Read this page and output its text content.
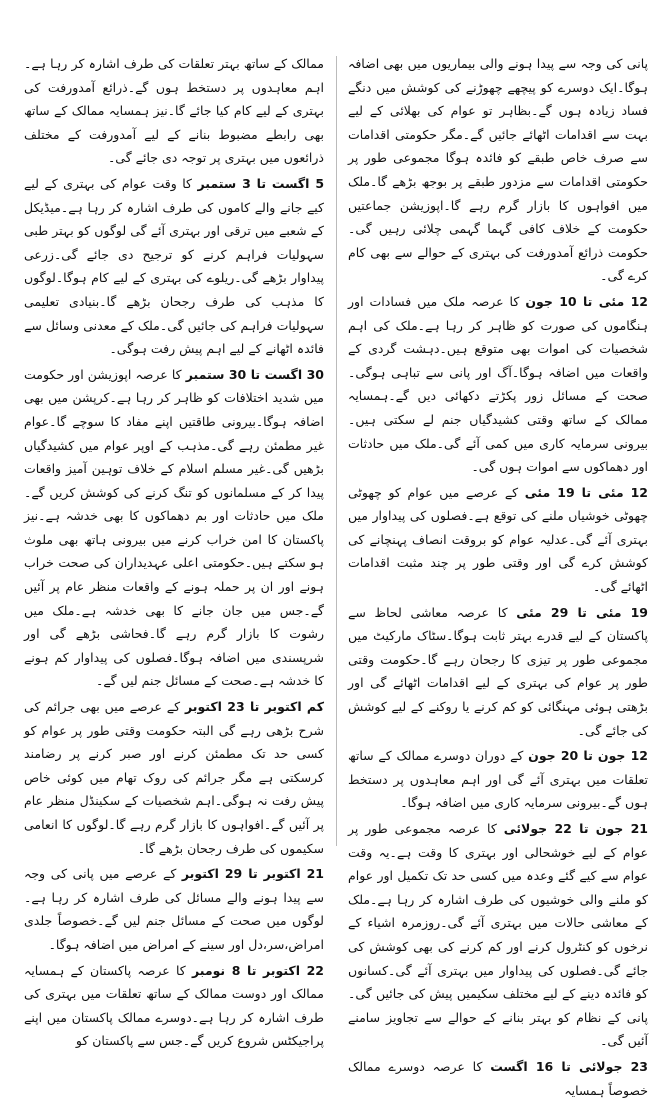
پانی کی وجہ سے پیدا ہونے والی بیماریوں میں بھی اضافہ ہوگا۔ایک دوسرے کو پیچھے چھوڑنے کی کوشش میں دنگے فساد زیادہ ہوں گے۔بظاہر تو عوام کی بھلائی کے لیے بہت سے اقدامات اٹھائے جائیں گے۔مگر حکومتی اقدامات سے صرف خاص طبقے کو فائدہ ہوگا مجموعی طور پر حکومتی اقدامات سے مزدور طبقے پر بوجھ بڑھے گا۔ملک میں افواہوں کا بازار گرم رہے گا۔اپوزیشن جماعتیں حکومت کے خلاف کافی گہما گہمی چلائی رہیں گی۔حکومت ذرائع آمدورفت کی بہتری کے حوالے سے بھی کام کرے گی۔

12 مئی تا 10 جون کا عرصہ ملک میں فسادات اور ہنگاموں کی صورت کو ظاہر کر رہا ہے۔ملک کی اہم شخصیات کی اموات بھی متوقع ہیں۔دہشت گردی کے واقعات میں اضافہ ہوگا۔آگ اور پانی سے تباہی ہوگی۔صحت کے مسائل زور پکڑتے دکھائی دیں گے۔ہمسایہ ممالک کے ساتھ وقتی کشیدگیاں جنم لے سکتی ہیں۔بیرونی سرمایہ کاری میں کمی آئے گی۔ملک میں حادثات اور دھماکوں سے اموات ہوں گی۔

12 مئی تا 19 مئی کے عرصے میں عوام کو چھوٹی چھوٹی خوشیاں ملنے کی توقع ہے۔فصلوں کی پیداوار میں بہتری آئے گی۔عدلیہ عوام کو بروقت انصاف پہنچانے کی کوشش کرے گی اور وقتی طور پر چند مثبت اقدامات اٹھائے گی۔

19 مئی تا 29 مئی کا عرصہ معاشی لحاظ سے پاکستان کے لیے قدرے بہتر ثابت ہوگا۔سٹاک مارکیٹ میں مجموعی طور پر تیزی کا رجحان رہے گا۔حکومت وقتی طور پر عوام کی بہتری کے لیے اقدامات اٹھائے گی اور بڑھتی ہوئی مہنگائی کو کم کرنے یا روکنے کے لیے کوشش کی جائے گی۔

12 جون تا 20 جون کے دوران دوسرے ممالک کے ساتھ تعلقات میں بہتری آئے گی اور اہم معاہدوں پر دستخط ہوں گے۔بیرونی سرمایہ کاری میں اضافہ ہوگا۔

21 جون تا 22 جولائی کا عرصہ مجموعی طور پر عوام کے لیے خوشحالی اور بہتری کا وقت ہے۔یہ وقت عوام سے کیے گئے وعدہ میں کسی حد تک تکمیل اور عوام کو ملنے والی خوشیوں کی طرف اشارہ کر رہا ہے۔ملک کے معاشی حالات میں بہتری آئے گی۔روزمرہ اشیاء کے نرخوں کو کنٹرول کرنے اور کم کرنے کی بھی کوشش کی جائے گی۔فصلوں کی پیداوار میں بہتری آئے گی۔کسانوں کو فائدہ دینے کے لیے مختلف سکیمیں پیش کی جائیں گی۔پانی کے نظام کو بہتر بنانے کے حوالے سے تجاویز سامنے آئیں گی۔

23 جولائی تا 16 اگست کا عرصہ دوسرے ممالک خصوصاً ہمسایہ

ممالک کے ساتھ بہتر تعلقات کی طرف اشارہ کر رہا ہے۔اہم معاہدوں پر دستخط ہوں گے۔ذرائع آمدورفت کی بہتری کے لیے کام کیا جائے گا۔نیز ہمسایہ ممالک کے ساتھ بھی رابطے مضبوط بنانے کے لیے آمدورفت کے مختلف ذرائعوں میں بہتری پر توجہ دی جائے گی۔

5 اگست تا 3 ستمبر کا وقت عوام کی بہتری کے لیے کیے جانے والے کاموں کی طرف اشارہ کر رہا ہے۔میڈیکل کے شعبے میں ترقی اور بہتری آئے گی لوگوں کو بہتر طبی سہولیات فراہم کرنے کو ترجیح دی جائے گی۔زرعی پیداوار بڑھے گی۔ریلوے کی بہتری کے لیے کام ہوگا۔لوگوں کا مذہب کی طرف رجحان بڑھے گا۔بنیادی تعلیمی سہولیات فراہم کی جائیں گی۔ملک کے معدنی وسائل سے فائدہ اٹھانے کے لیے اہم پیش رفت ہوگی۔

30 اگست تا 30 ستمبر کا عرصہ اپوزیشن اور حکومت میں شدید اختلافات کو ظاہر کر رہا ہے۔کرپشن میں بھی اضافہ ہوگا۔بیرونی طاقتیں اپنے مفاد کا سوچے گا۔عوام غیر مطمئن رہے گی۔مذہب کے اوپر عوام میں کشیدگیاں بڑھیں گی۔غیر مسلم اسلام کے خلاف توہین آمیز واقعات پیدا کر کے مسلمانوں کو تنگ کرنے کی کوشش کریں گے۔ملک میں حادثات اور بم دھماکوں کا بھی خدشہ ہے۔نیز پاکستان کا امن خراب کرنے میں بیرونی ہاتھ بھی ملوث ہو سکتے ہیں۔حکومتی اعلی عہدیداران کی صحت خراب ہونے اور ان پر حملہ ہونے کے واقعات منظر عام پر آئیں گے۔جس میں جان جانے کا بھی خدشہ ہے۔ملک میں رشوت کا بازار گرم رہے گا۔فحاشی بڑھے گی اور شرپسندی میں اضافہ ہوگا۔فصلوں کی پیداوار کم ہونے کا خدشہ ہے۔صحت کے مسائل جنم لیں گے۔

کم اکتوبر تا 23 اکتوبر کے عرصے میں بھی جرائم کی شرح بڑھی رہے گی البتہ حکومت وقتی طور پر عوام کو کسی حد تک مطمئن کرنے اور صبر کرنے پر رضامند کرسکتی ہے مگر جرائم کی روک تھام میں کوئی خاص پیش رفت نہ ہوگی۔اہم شخصیات کے سکینڈل منظر عام پر آئیں گے۔افواہوں کا بازار گرم رہے گا۔لوگوں کا انعامی سکیموں کی طرف رجحان بڑھے گا۔

21 اکتوبر تا 29 اکتوبر کے عرصے میں پانی کی وجہ سے پیدا ہونے والے مسائل کی طرف اشارہ کر رہا ہے۔لوگوں میں صحت کے مسائل جنم لیں گے۔خصوصاً جلدی امراض،سر،دل اور سینے کے امراض میں اضافہ ہوگا۔

22 اکتوبر تا 8 نومبر کا عرصہ پاکستان کے ہمسایہ ممالک اور دوست ممالک کے ساتھ تعلقات میں بہتری کی طرف اشارہ کر رہا ہے۔دوسرے ممالک پاکستان میں اپنے پراجیکٹس شروع کریں گے۔جس سے پاکستان کو
